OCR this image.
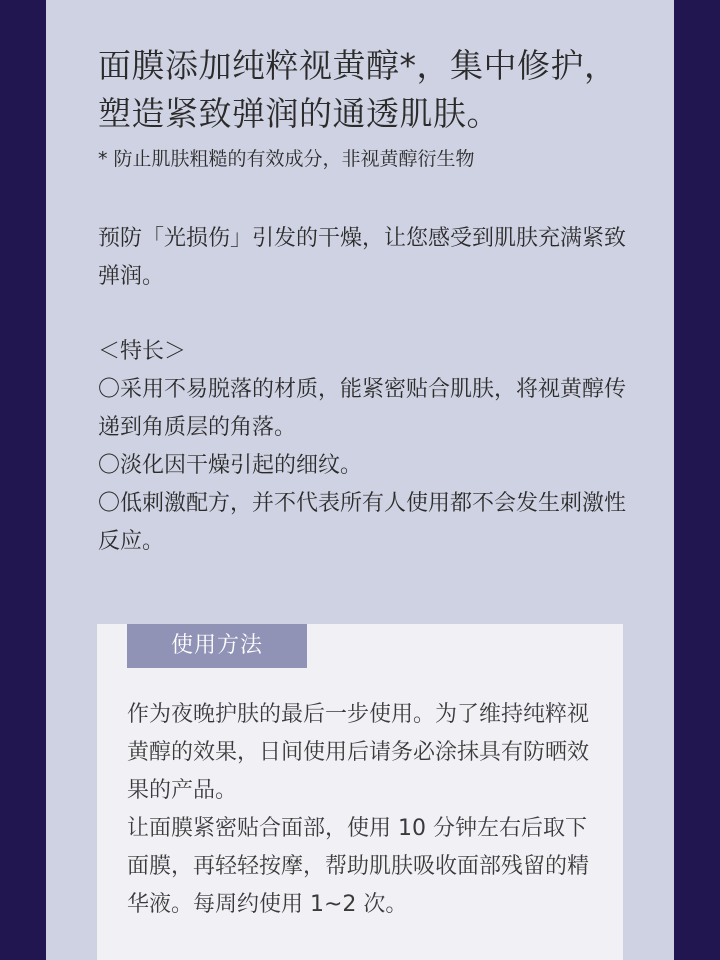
面膜添加纯粹视黄醇*，集中修护，
塑造紧致弹润的通透肌肤。
* 防止肌肤粗糙的有效成分，非视黄醇衍生物

预防「光损伤」引发的干燥，让您感受到肌肤充满紧致弹润。

＜特长＞

〇采用不易脱落的材质，能紧密贴合肌肤，将视黄醇传递到角质层的角落。

〇淡化因干燥引起的细纹。

〇低刺激配方，并不代表所有人使用都不会发生刺激性反应。

使用方法

作为夜晚护肤的最后一步使用。为了维持纯粹视黄醇的效果，日间使用后请务必涂抹具有防晒效果的产品。
让面膜紧密贴合面部，使用 10 分钟左右后取下面膜，再轻轻按摩，帮助肌肤吸收面部残留的精华液。每周约使用 1~2 次。
